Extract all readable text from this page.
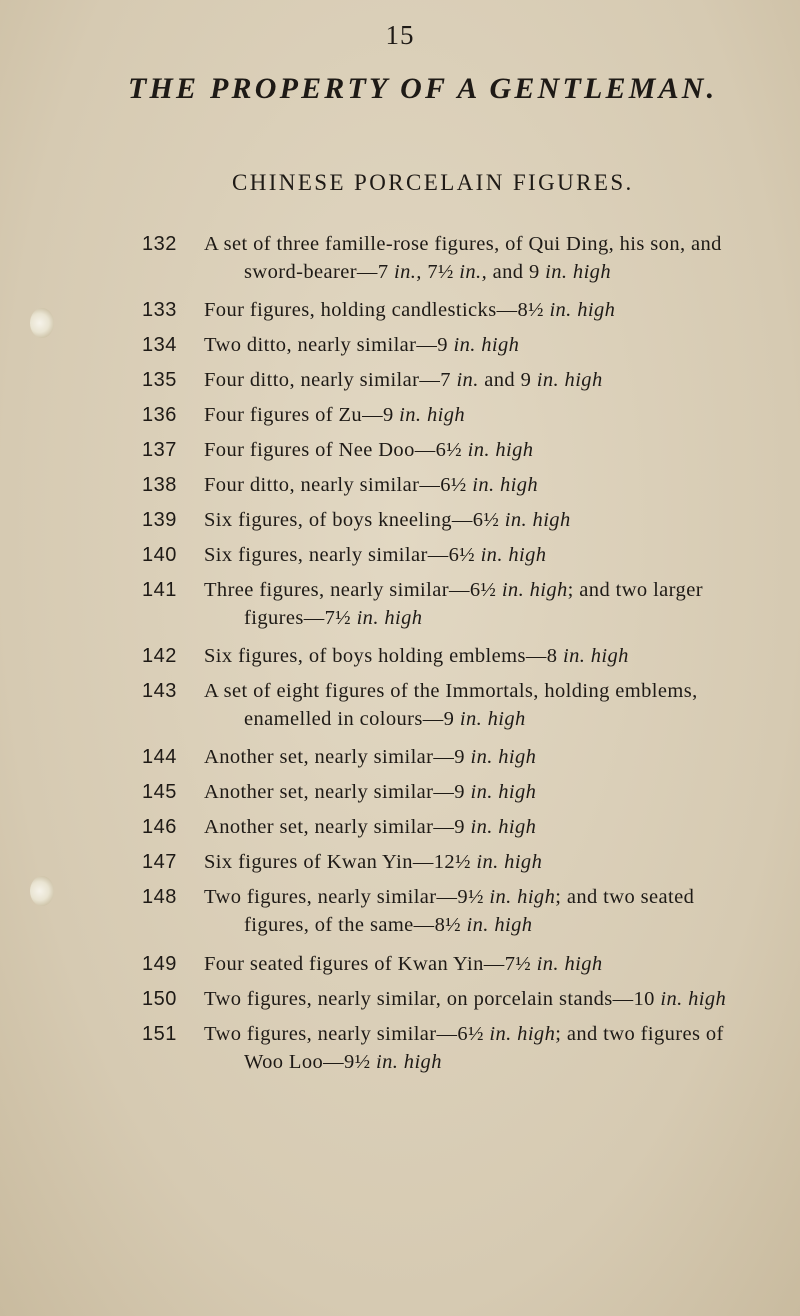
15
THE PROPERTY OF A GENTLEMAN.
CHINESE PORCELAIN FIGURES.
132	A set of three famille-rose figures, of Qui Ding, his son, and
sword-bearer—7 in., 7½ in., and 9 in. high
133	Four figures, holding candlesticks—8½ in. high
134	Two ditto, nearly similar—9 in. high
135	Four ditto, nearly similar—7 in. and 9 in. high
136	Four figures of Zu—9 in. high
137	Four figures of Nee Doo—6½ in. high
138	Four ditto, nearly similar—6½ in. high
139	Six figures, of boys kneeling—6½ in. high
140	Six figures, nearly similar—6½ in. high
141	Three figures, nearly similar—6½ in. high; and two larger
figures—7½ in. high
142	Six figures, of boys holding emblems—8 in. high
143	A set of eight figures of the Immortals, holding emblems,
enamelled in colours—9 in. high
144	Another set, nearly similar—9 in. high
145	Another set, nearly similar—9 in. high
146	Another set, nearly similar—9 in. high
147	Six figures of Kwan Yin—12½ in. high
148	Two figures, nearly similar—9½ in. high; and two seated
figures, of the same—8½ in. high
149	Four seated figures of Kwan Yin—7½ in. high
150	Two figures, nearly similar, on porcelain stands—10 in. high
151	Two figures, nearly similar—6½ in. high; and two figures of
Woo Loo—9½ in. high
